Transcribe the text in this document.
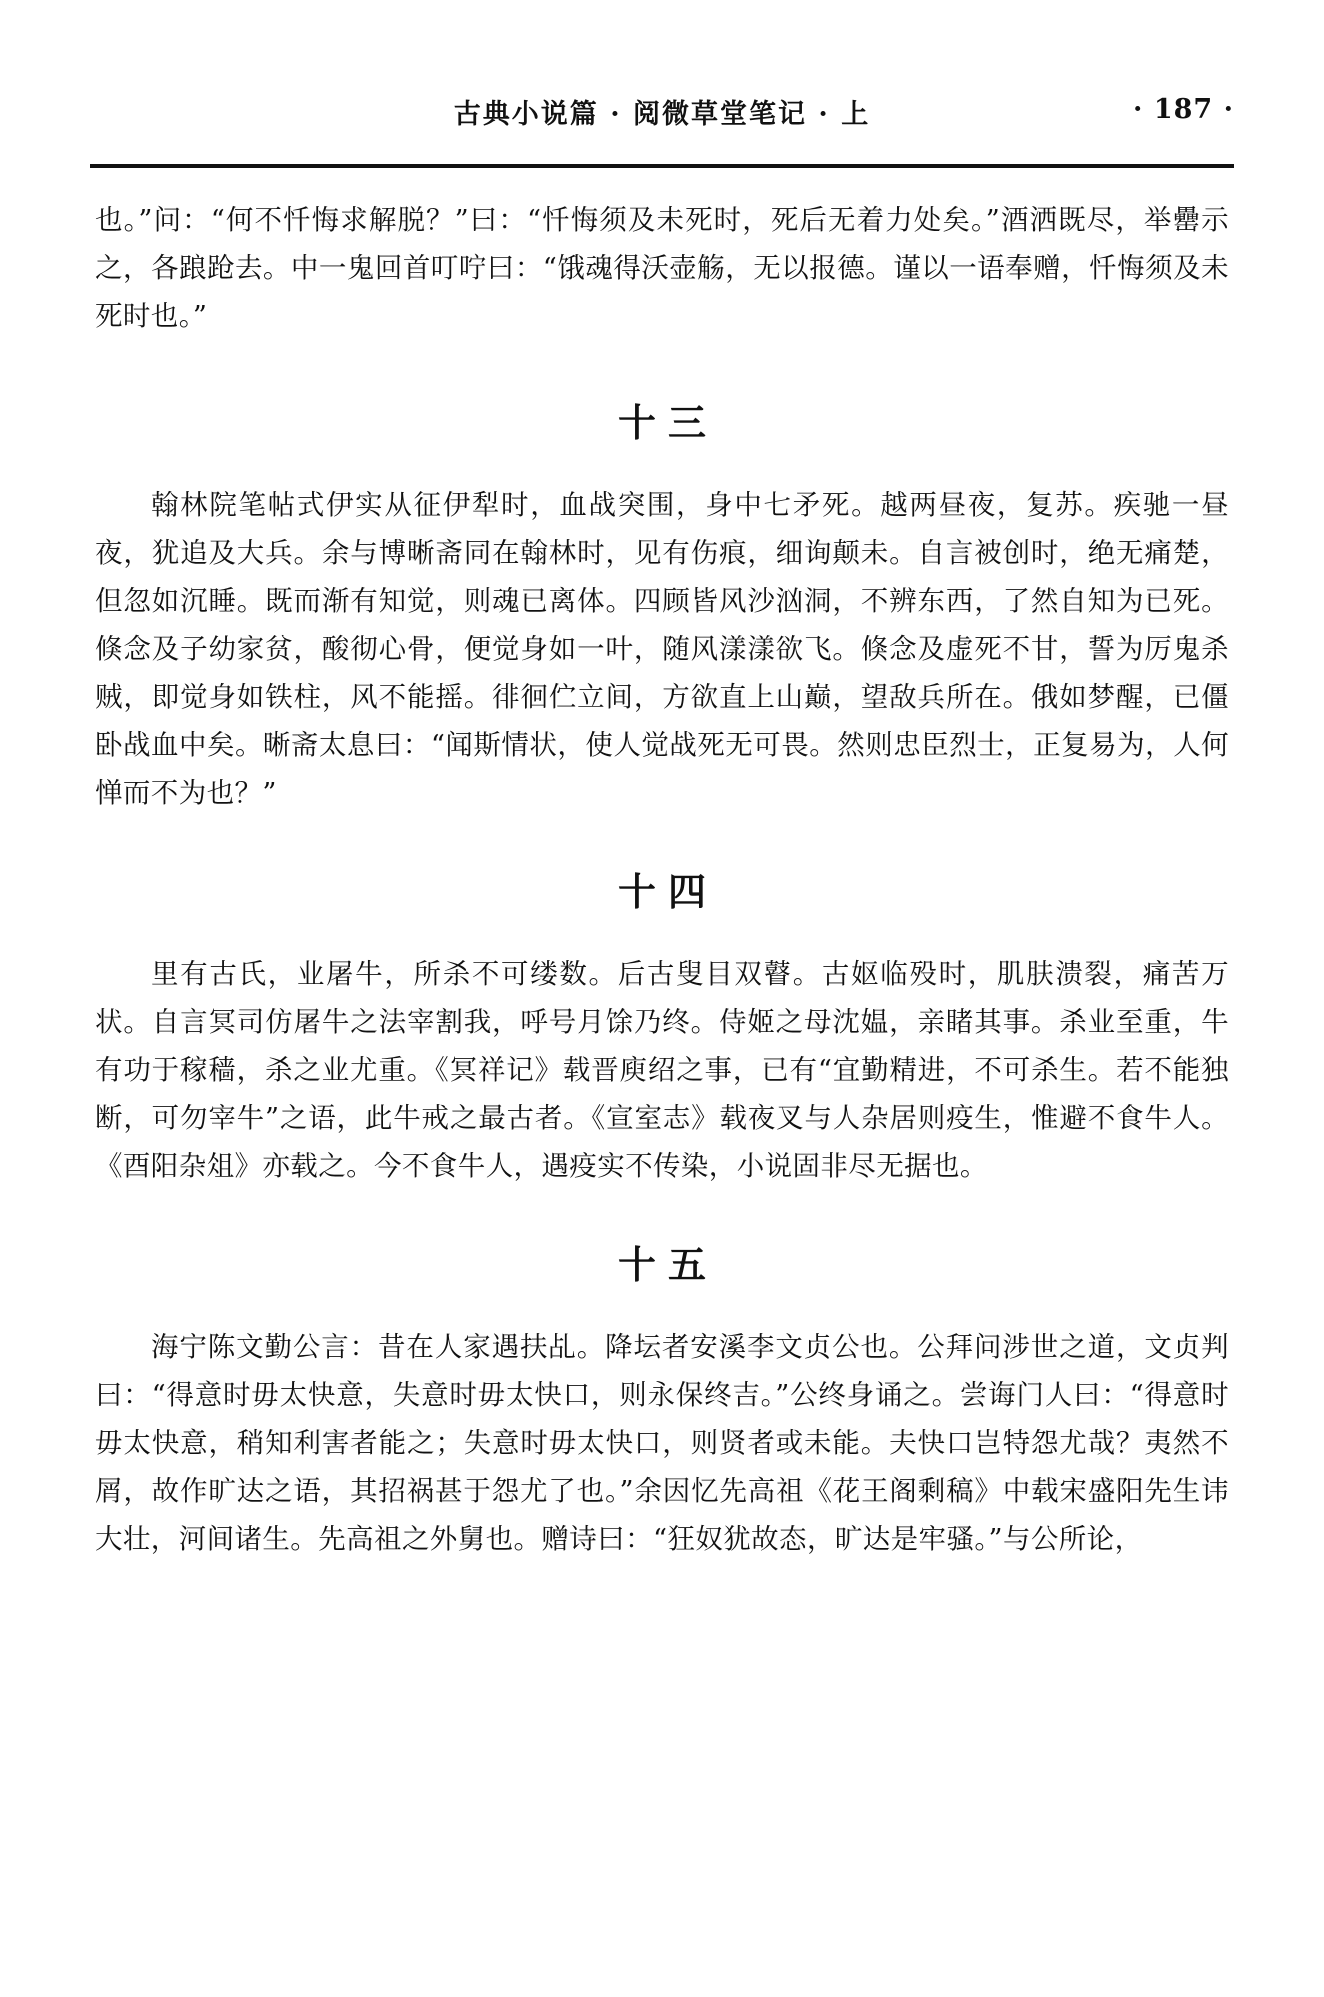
古典小说篇 · 阅微草堂笔记 · 上	· 187 ·

也。”问：“何不忏悔求解脱？”曰：“忏悔须及未死时，死后无着力处矣。”酒洒既尽，举罍示之，各踉跄去。中一鬼回首叮咛曰：“饿魂得沃壶觞，无以报德。谨以一语奉赠，忏悔须及未死时也。”

十三

翰林院笔帖式伊实从征伊犁时，血战突围，身中七矛死。越两昼夜，复苏。疾驰一昼夜，犹追及大兵。余与博晰斋同在翰林时，见有伤痕，细询颠未。自言被创时，绝无痛楚，但忽如沉睡。既而渐有知觉，则魂已离体。四顾皆风沙汹洞，不辨东西，了然自知为已死。倏念及子幼家贫，酸彻心骨，便觉身如一叶，随风漾漾欲飞。倏念及虚死不甘，誓为厉鬼杀贼，即觉身如铁柱，风不能摇。徘徊伫立间，方欲直上山巅，望敌兵所在。俄如梦醒，已僵卧战血中矣。晰斋太息曰：“闻斯情状，使人觉战死无可畏。然则忠臣烈士，正复易为，人何惮而不为也？”

十四

里有古氏，业屠牛，所杀不可缕数。后古叟目双瞽。古妪临殁时，肌肤溃裂，痛苦万状。自言冥司仿屠牛之法宰割我，呼号月馀乃终。侍姬之母沈媪，亲睹其事。杀业至重，牛有功于稼穑，杀之业尤重。《冥祥记》载晋庾绍之事，已有“宜勤精进，不可杀生。若不能独断，可勿宰牛”之语，此牛戒之最古者。《宣室志》载夜叉与人杂居则疫生，惟避不食牛人。《酉阳杂俎》亦载之。今不食牛人，遇疫实不传染，小说固非尽无据也。

十五

海宁陈文勤公言：昔在人家遇扶乩。降坛者安溪李文贞公也。公拜问涉世之道，文贞判曰：“得意时毋太快意，失意时毋太快口，则永保终吉。”公终身诵之。尝诲门人曰：“得意时毋太快意，稍知利害者能之；失意时毋太快口，则贤者或未能。夫快口岂特怨尤哉？夷然不屑，故作旷达之语，其招祸甚于怨尤了也。”余因忆先高祖《花王阁剩稿》中载宋盛阳先生讳大壮，河间诸生。先高祖之外舅也。赠诗曰：“狂奴犹故态，旷达是牢骚。”与公所论，
